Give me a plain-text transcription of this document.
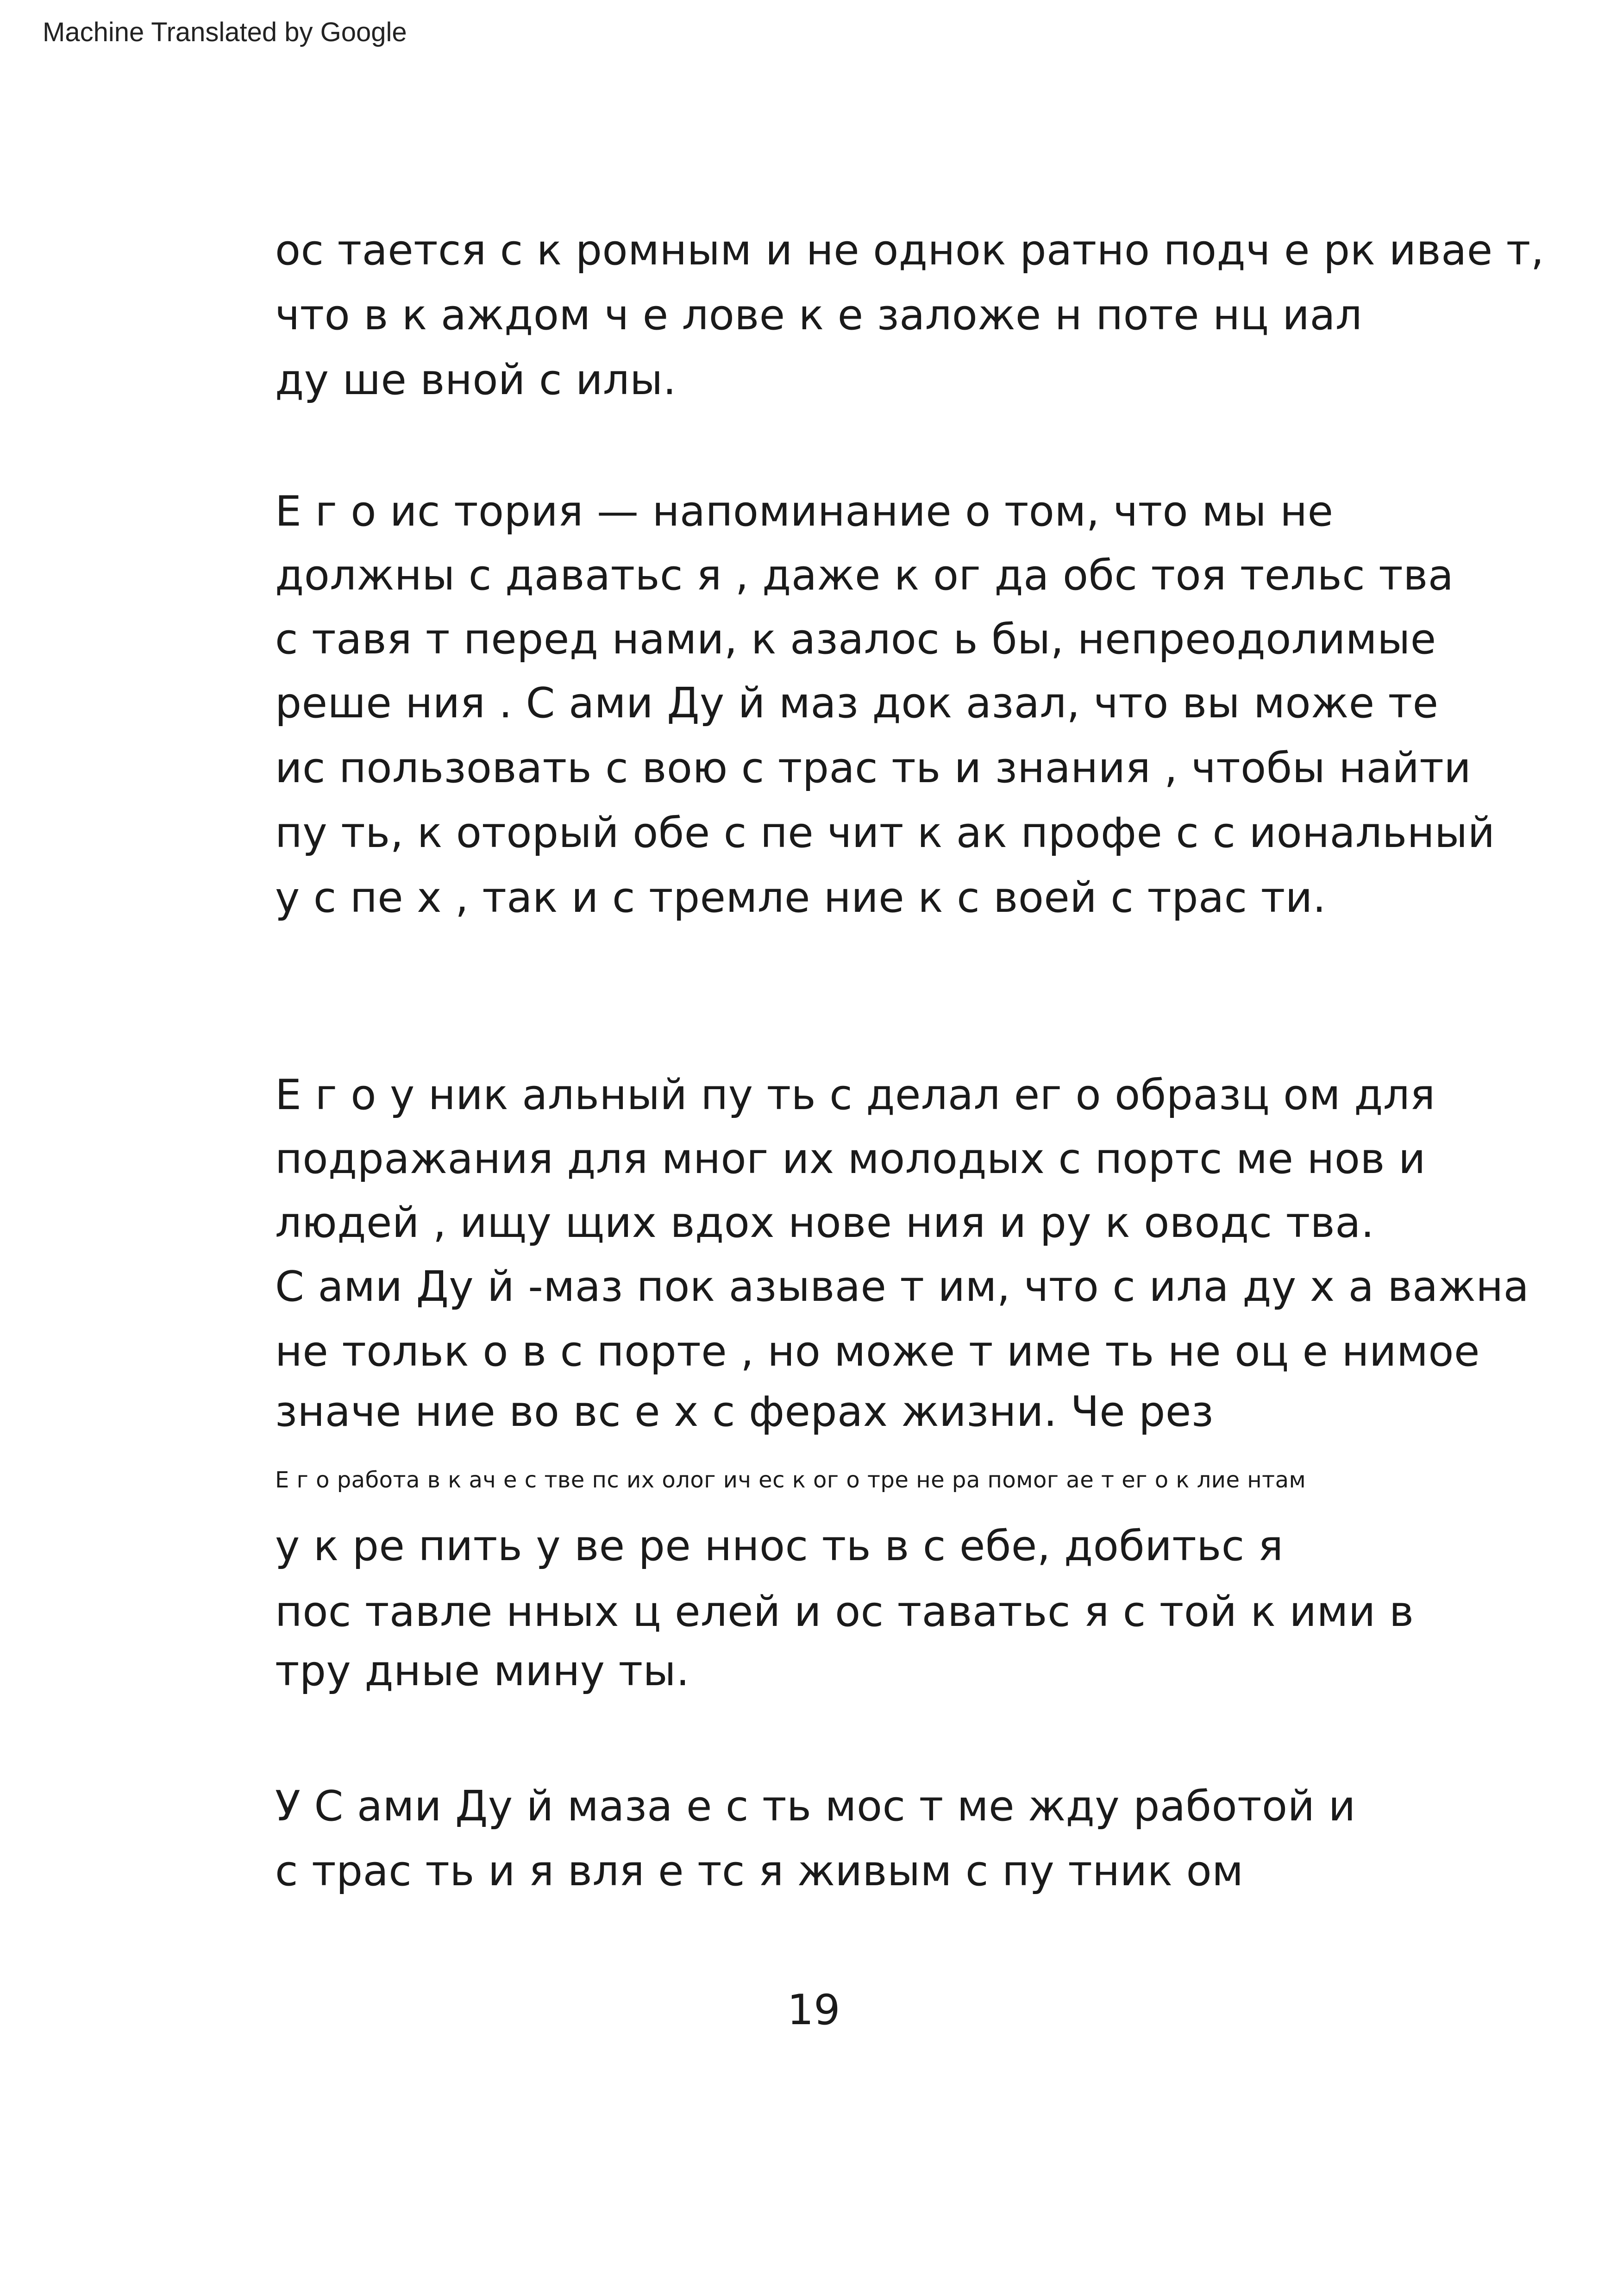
Machine Translated by Google
ос тается с к ромным и не однок ратно подч е рк ивае т,
что в к аждом ч е лове к е заложе н поте нц иал
ду ше вной с илы.
Е г о ис тория — напоминание о том, что мы не
должны с даватьс я , даже к ог да обс тоя тельс тва
с тавя т перед нами, к азалос ь бы, непреодолимые
реше ния . С ами Ду й маз док азал, что вы може те
ис пользовать с вою с трас ть и знания , чтобы найти
пу ть, к оторый обе с пе чит к ак профе с с иональный
у с пе х , так и с тремле ние к с воей с трас ти.
Е г о у ник альный пу ть с делал ег о образц ом для
подражания для мног их молодых с портс ме нов и
людей , ищу щих вдох нове ния и ру к оводс тва.
С ами Ду й -маз пок азывае т им, что с ила ду х а важна
не тольк о в с порте , но може т име ть не оц е нимое
значе ние во вс е х с ферах жизни. Че рез
Е г о работа в к ач е с тве пс их олог ич ес к ог о тре не ра помог ае т ег о к лие нтам
у к ре пить у ве ре ннос ть в с ебе, добитьс я
пос тавле нных ц елей и ос таватьс я с той к ими в
тру дные мину ты.
У С ами Ду й маза е с ть мос т ме жду работой и
с трас ть и я вля е тс я живым с пу тник ом
19
